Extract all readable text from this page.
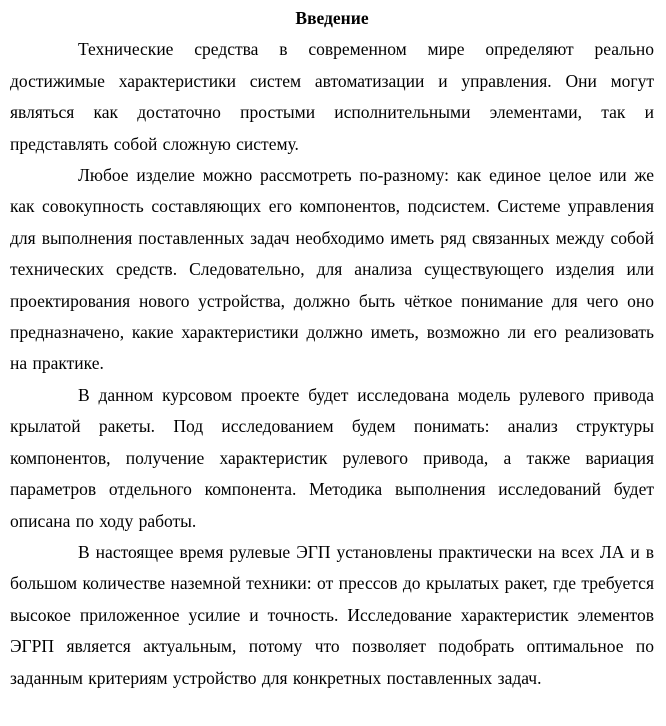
Введение

Технические средства в современном мире определяют реально достижимые характеристики систем автоматизации и управления. Они могут являться как достаточно простыми исполнительными элементами, так и представлять собой сложную систему.

Любое изделие можно рассмотреть по-разному: как единое целое или же как совокупность составляющих его компонентов, подсистем. Системе управления для выполнения поставленных задач необходимо иметь ряд связанных между собой технических средств. Следовательно, для анализа существующего изделия или проектирования нового устройства, должно быть чёткое понимание для чего оно предназначено, какие характеристики должно иметь, возможно ли его реализовать на практике.

В данном курсовом проекте будет исследована модель рулевого привода крылатой ракеты. Под исследованием будем понимать: анализ структуры компонентов, получение характеристик рулевого привода, а также вариация параметров отдельного компонента. Методика выполнения исследований будет описана по ходу работы.

В настоящее время рулевые ЭГП установлены практически на всех ЛА и в большом количестве наземной техники: от прессов до крылатых ракет, где требуется высокое приложенное усилие и точность. Исследование характеристик элементов ЭГРП является актуальным, потому что позволяет подобрать оптимальное по заданным критериям устройство для конкретных поставленных задач.
